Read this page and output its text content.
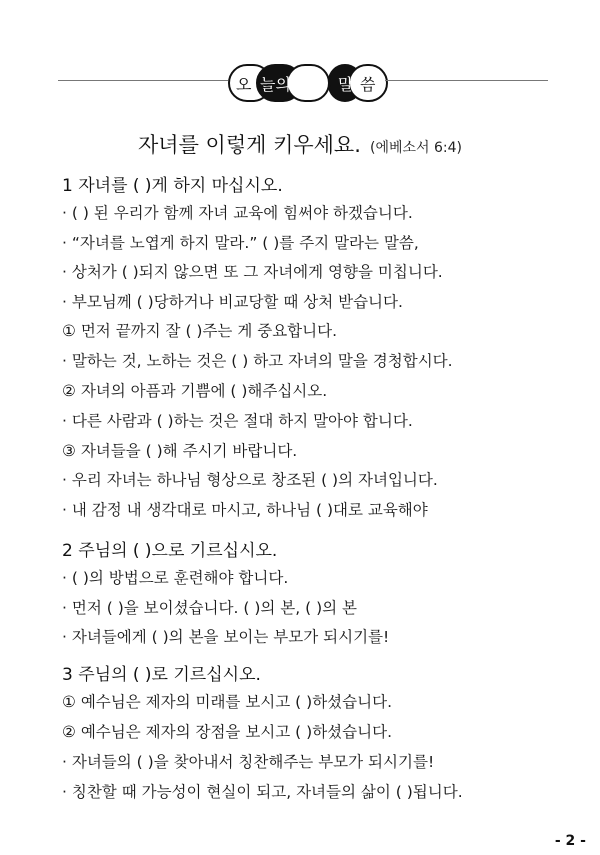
오 늘의	말 씀
자녀를 이렇게 키우세요. (에베소서 6:4)
1 자녀를 ( )게 하지 마십시오.
· ( ) 된 우리가 함께 자녀 교육에 힘써야 하겠습니다.
· “자녀를 노엽게 하지 말라.” ( )를 주지 말라는 말씀,
· 상처가 ( )되지 않으면 또 그 자녀에게 영향을 미칩니다.
· 부모님께 ( )당하거나 비교당할 때 상처 받습니다.
① 먼저 끝까지 잘 ( )주는 게 중요합니다.
· 말하는 것, 노하는 것은 ( ) 하고 자녀의 말을 경청합시다.
② 자녀의 아픔과 기쁨에 ( )해주십시오.
· 다른 사람과 ( )하는 것은 절대 하지 말아야 합니다.
③ 자녀들을 ( )해 주시기 바랍니다.
· 우리 자녀는 하나님 형상으로 창조된 ( )의 자녀입니다.
· 내 감정 내 생각대로 마시고, 하나님 ( )대로 교육해야
2 주님의 ( )으로 기르십시오.
· ( )의 방법으로 훈련해야 합니다.
· 먼저 ( )을 보이셨습니다. ( )의 본, ( )의 본
· 자녀들에게 ( )의 본을 보이는 부모가 되시기를!
3 주님의 ( )로 기르십시오.
① 예수님은 제자의 미래를 보시고 ( )하셨습니다.
② 예수님은 제자의 장점을 보시고 ( )하셨습니다.
· 자녀들의 ( )을 찾아내서 칭찬해주는 부모가 되시기를!
· 칭찬할 때 가능성이 현실이 되고, 자녀들의 삶이 ( )됩니다.
- 2 -
